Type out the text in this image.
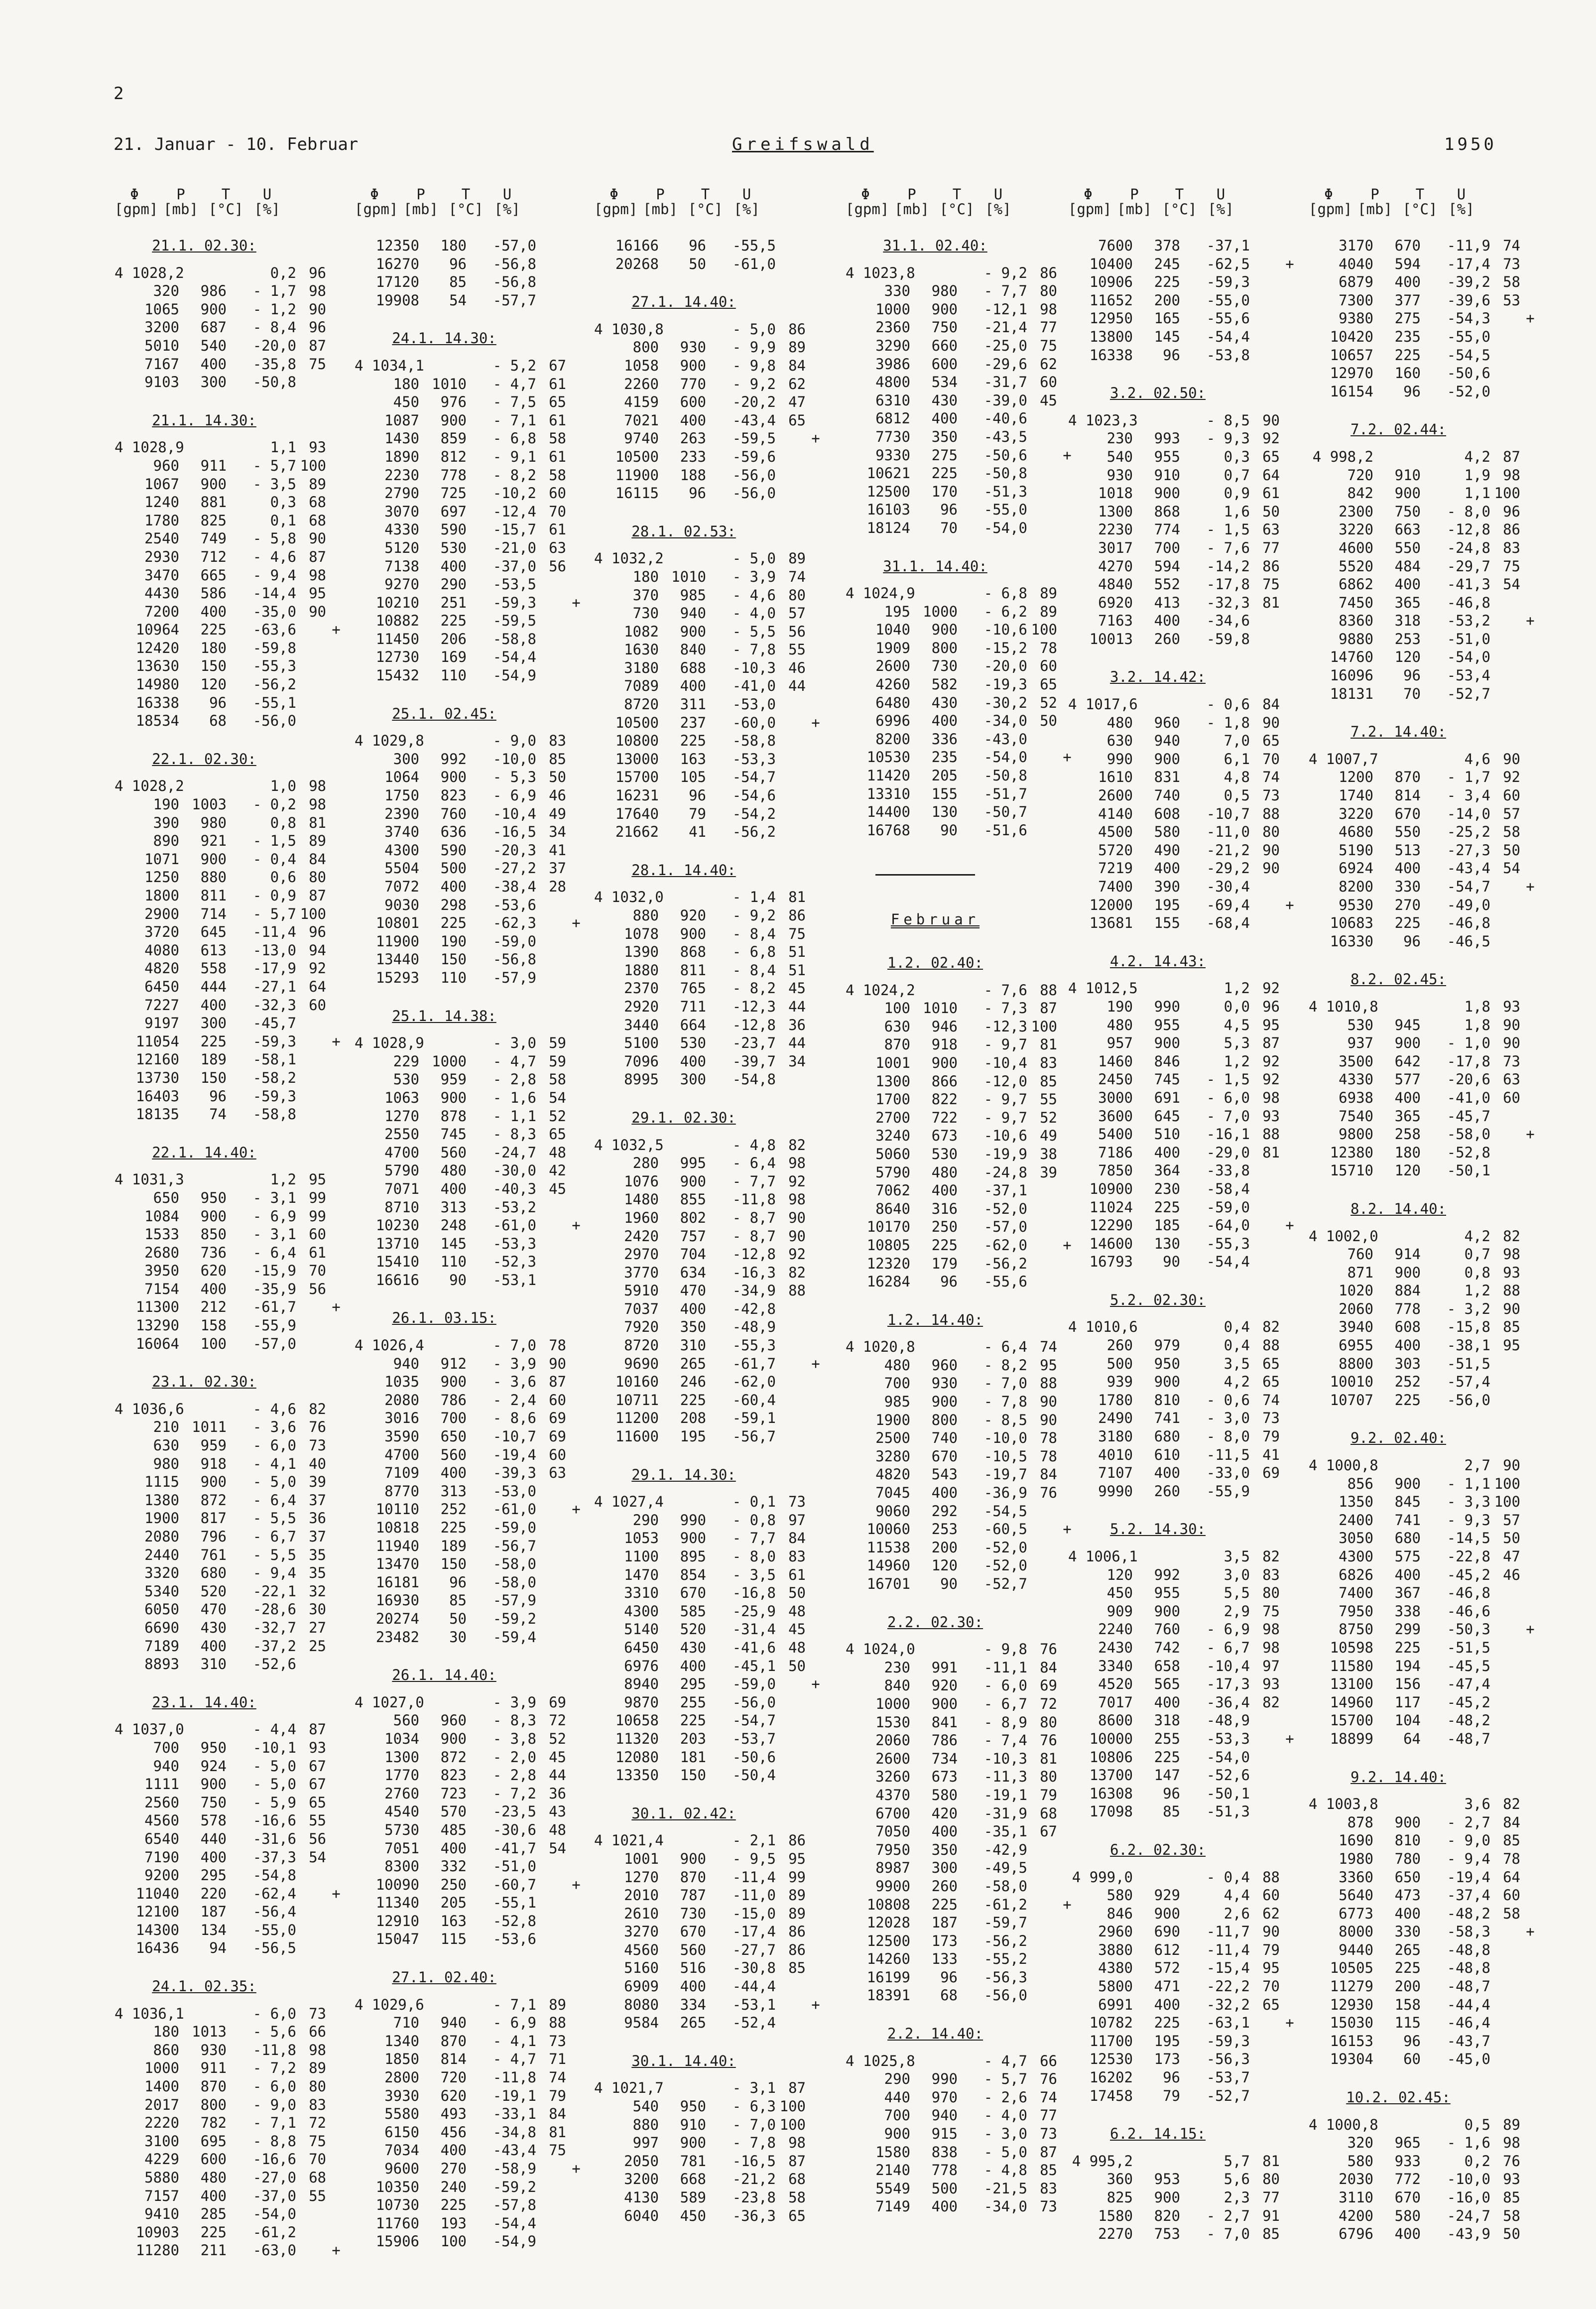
2
21. Januar - 10. Februar	Greifswald	1950
Φ
[gpm]
P
[mb]
T
[°C]
U
[%]
21.1. 02.30:
4 1028,2	0,2 96
320	986	- 1,7 98
1065	900	- 1,2 90
3200	687	- 8,4 96
5010	540	-20,0 87
7167	400	-35,8 75
9103	300	-50,8
21.1. 14.30:
4 1028,9	1,1 93
960	911	- 5,7 100
1067	900	- 3,5 89
1240	881	0,3 68
1780	825	0,1 68
2540	749	- 5,8 90
2930	712	- 4,6 87
3470	665	- 9,4 98
4430	586	-14,4 95
7200	400	-35,0 90
10964	225	-63,6	+
12420	180	-59,8
13630	150	-55,3
14980	120	-56,2
16338	96	-55,1
18534	68	-56,0
22.1. 02.30:
4 1028,2	1,0 98
190 1003	- 0,2 98
390	980	0,8 81
890	921	- 1,5 89
1071	900	- 0,4 84
1250	880	0,6 80
1800	811	- 0,9 87
2900	714	- 5,7 100
3720	645	-11,4 96
4080	613	-13,0 94
4820	558	-17,9 92
6450	444	-27,1 64
7227	400	-32,3 60
9197	300	-45,7
11054	225	-59,3	+
12160	189	-58,1
13730	150	-58,2
16403	96	-59,3
18135	74	-58,8
22.1. 14.40:
4 1031,3	1,2 95
650	950	- 3,1 99
1084	900	- 6,9 99
1533	850	- 3,1 60
2680	736	- 6,4 61
3950	620	-15,9 70
7154	400	-35,9 56
11300	212	-61,7	+
13290	158	-55,9
16064	100	-57,0
23.1. 02.30:
4 1036,6	- 4,6 82
210 1011	- 3,6 76
630	959	- 6,0 73
980	918	- 4,1 40
1115	900	- 5,0 39
1380	872	- 6,4 37
1900	817	- 5,5 36
2080	796	- 6,7 37
2440	761	- 5,5 35
3320	680	- 9,4 35
5340	520	-22,1 32
6050	470	-28,6 30
6690	430	-32,7 27
7189	400	-37,2 25
8893	310	-52,6
23.1. 14.40:
4 1037,0	- 4,4 87
700	950	-10,1 93
940	924	- 5,0 67
1111	900	- 5,0 67
2560	750	- 5,9 65
4560	578	-16,6 55
6540	440	-31,6 56
7190	400	-37,3 54
9200	295	-54,8
11040	220	-62,4	+
12100	187	-56,4
14300	134	-55,0
16436	94	-56,5
24.1. 02.35:
4 1036,1	- 6,0 73
180 1013	- 5,6 66
860	930	-11,8 98
1000	911	- 7,2 89
1400	870	- 6,0 80
2017	800	- 9,0 83
2220	782	- 7,1 72
3100	695	- 8,8 75
4229	600	-16,6 70
5880	480	-27,0 68
7157	400	-37,0 55
9410	285	-54,0
10903	225	-61,2
11280	211	-63,0	+
Φ
[gpm]
P
[mb]
T
[°C]
U
[%]
12350	180	-57,0
16270	96	-56,8
17120	85	-56,8
19908	54	-57,7
24.1. 14.30:
4 1034,1	- 5,2 67
180 1010	- 4,7 61
450	976	- 7,5 65
1087	900	- 7,1 61
1430	859	- 6,8 58
1890	812	- 9,1 61
2230	778	- 8,2 58
2790	725	-10,2 60
3070	697	-12,4 70
4330	590	-15,7 61
5120	530	-21,0 63
7138	400	-37,0 56
9270	290	-53,5
10210	251	-59,3	+
10882	225	-59,5
11450	206	-58,8
12730	169	-54,4
15432	110	-54,9
25.1. 02.45:
4 1029,8	- 9,0 83
300	992	-10,0 85
1064	900	- 5,3 50
1750	823	- 6,9 46
2390	760	-10,4 49
3740	636	-16,5 34
4300	590	-20,3 41
5504	500	-27,2 37
7072	400	-38,4 28
9030	298	-53,6
10801	225	-62,3	+
11900	190	-59,0
13440	150	-56,8
15293	110	-57,9
25.1. 14.38:
4 1028,9	- 3,0 59
229 1000	- 4,7 59
530	959	- 2,8 58
1063	900	- 1,6 54
1270	878	- 1,1 52
2550	745	- 8,3 65
4700	560	-24,7 48
5790	480	-30,0 42
7071	400	-40,3 45
8710	313	-53,2
10230	248	-61,0	+
13710	145	-53,3
15410	110	-52,3
16616	90	-53,1
26.1. 03.15:
4 1026,4	- 7,0 78
940	912	- 3,9 90
1035	900	- 3,6 87
2080	786	- 2,4 60
3016	700	- 8,6 69
3590	650	-10,7 69
4700	560	-19,4 60
7109	400	-39,3 63
8770	313	-53,0
10110	252	-61,0	+
10818	225	-59,0
11940	189	-56,7
13470	150	-58,0
16181	96	-58,0
16930	85	-57,9
20274	50	-59,2
23482	30	-59,4
26.1. 14.40:
4 1027,0	- 3,9 69
560	960	- 8,3 72
1034	900	- 3,8 52
1300	872	- 2,0 45
1770	823	- 2,8 44
2760	723	- 7,2 36
4540	570	-23,5 43
5730	485	-30,6 48
7051	400	-41,7 54
8300	332	-51,0
10090	250	-60,7	+
11340	205	-55,1
12910	163	-52,8
15047	115	-53,6
27.1. 02.40:
4 1029,6	- 7,1 89
710	940	- 6,9 88
1340	870	- 4,1 73
1850	814	- 4,7 71
2800	720	-11,8 74
3930	620	-19,1 79
5580	493	-33,1 84
6150	456	-34,8 81
7034	400	-43,4 75
9600	270	-58,9	+
10350	240	-59,2
10730	225	-57,8
11760	193	-54,4
15906	100	-54,9
Φ
[gpm]
P
[mb]
T
[°C]
U
[%]
16166	96	-55,5
20268	50	-61,0
27.1. 14.40:
4 1030,8	- 5,0 86
800	930	- 9,9 89
1058	900	- 9,8 84
2260	770	- 9,2 62
4159	600	-20,2 47
7021	400	-43,4 65
9740	263	-59,5	+
10500	233	-59,6
11900	188	-56,0
16115	96	-56,0
28.1. 02.53:
4 1032,2	- 5,0 89
180 1010	- 3,9 74
370	985	- 4,6 80
730	940	- 4,0 57
1082	900	- 5,5 56
1630	840	- 7,8 55
3180	688	-10,3 46
7089	400	-41,0 44
8720	311	-53,0
10500	237	-60,0	+
10800	225	-58,8
13000	163	-53,3
15700	105	-54,7
16231	96	-54,6
17640	79	-54,2
21662	41	-56,2
28.1. 14.40:
4 1032,0	- 1,4 81
880	920	- 9,2 86
1078	900	- 8,4 75
1390	868	- 6,8 51
1880	811	- 8,4 51
2370	765	- 8,2 45
2920	711	-12,3 44
3440	664	-12,8 36
5100	530	-23,7 44
7096	400	-39,7 34
8995	300	-54,8
29.1. 02.30:
4 1032,5	- 4,8 82
280	995	- 6,4 98
1076	900	- 7,7 92
1480	855	-11,8 98
1960	802	- 8,7 90
2420	757	- 8,7 90
2970	704	-12,8 92
3770	634	-16,3 82
5910	470	-34,9 88
7037	400	-42,8
7920	350	-48,9
8720	310	-55,3
9690	265	-61,7	+
10160	246	-62,0
10711	225	-60,4
11200	208	-59,1
11600	195	-56,7
29.1. 14.30:
4 1027,4	- 0,1 73
290	990	- 0,8 97
1053	900	- 7,7 84
1100	895	- 8,0 83
1470	854	- 3,5 61
3310	670	-16,8 50
4300	585	-25,9 48
5140	520	-31,4 45
6450	430	-41,6 48
6976	400	-45,1 50
8940	295	-59,0	+
9870	255	-56,0
10658	225	-54,7
11320	203	-53,7
12080	181	-50,6
13350	150	-50,4
30.1. 02.42:
4 1021,4	- 2,1 86
1001	900	- 9,5 95
1270	870	-11,4 99
2010	787	-11,0 89
2610	730	-15,0 89
3270	670	-17,4 86
4560	560	-27,7 86
5160	516	-30,8 85
6909	400	-44,4
8080	334	-53,1	+
9584	265	-52,4
30.1. 14.40:
4 1021,7	- 3,1 87
540	950	- 6,3 100
880	910	- 7,0 100
997	900	- 7,8 98
2050	781	-16,5 87
3200	668	-21,2 68
4130	589	-23,8 58
6040	450	-36,3 65
Φ
[gpm]
P
[mb]
T
[°C]
U
[%]
31.1. 02.40:
4 1023,8	- 9,2 86
330	980	- 7,7 80
1000	900	-12,1 98
2360	750	-21,4 77
3290	660	-25,0 75
3986	600	-29,6 62
4800	534	-31,7 60
6310	430	-39,0 45
6812	400	-40,6
7730	350	-43,5
9330	275	-50,6	+
10621	225	-50,8
12500	170	-51,3
16103	96	-55,0
18124	70	-54,0
31.1. 14.40:
4 1024,9	- 6,8 89
195 1000	- 6,2 89
1040	900	-10,6 100
1909	800	-15,2 78
2600	730	-20,0 60
4260	582	-19,3 65
6480	430	-30,2 52
6996	400	-34,0 50
8200	336	-43,0
10530	235	-54,0	+
11420	205	-50,8
13310	155	-51,7
14400	130	-50,7
16768	90	-51,6
Februar
1.2. 02.40:
4 1024,2	- 7,6 88
100 1010	- 7,3 87
630	946	-12,3 100
870	918	- 9,7 81
1001	900	-10,4 83
1300	866	-12,0 85
1700	822	- 9,7 55
2700	722	- 9,7 52
3240	673	-10,6 49
5060	530	-19,9 38
5790	480	-24,8 39
7062	400	-37,1
8640	316	-52,0
10170	250	-57,0
10805	225	-62,0	+
12320	179	-56,2
16284	96	-55,6
1.2. 14.40:
4 1020,8	- 6,4 74
480	960	- 8,2 95
700	930	- 7,0 88
985	900	- 7,8 90
1900	800	- 8,5 90
2500	740	-10,0 78
3280	670	-10,5 78
4820	543	-19,7 84
7045	400	-36,9 76
9060	292	-54,5
10060	253	-60,5	+
11538	200	-52,0
14960	120	-52,0
16701	90	-52,7
2.2. 02.30:
4 1024,0	- 9,8 76
230	991	-11,1 84
840	920	- 6,0 69
1000	900	- 6,7 72
1530	841	- 8,9 80
2060	786	- 7,4 76
2600	734	-10,3 81
3260	673	-11,3 80
4370	580	-19,1 79
6700	420	-31,9 68
7050	400	-35,1 67
7950	350	-42,9
8987	300	-49,5
9900	260	-58,0
10808	225	-61,2	+
12028	187	-59,7
12500	173	-56,2
14260	133	-55,2
16199	96	-56,3
18391	68	-56,0
2.2. 14.40:
4 1025,8	- 4,7 66
290	990	- 5,7 76
440	970	- 2,6 74
700	940	- 4,0 77
900	915	- 3,0 73
1580	838	- 5,0 87
2140	778	- 4,8 85
5549	500	-21,5 83
7149	400	-34,0 73
Φ
[gpm]
P
[mb]
T
[°C]
U
[%]
7600	378	-37,1
10400	245	-62,5	+
10906	225	-59,3
11652	200	-55,0
12950	165	-55,6
13800	145	-54,4
16338	96	-53,8
3.2. 02.50:
4 1023,3	- 8,5 90
230	993	- 9,3 92
540	955	0,3 65
930	910	0,7 64
1018	900	0,9 61
1300	868	1,6 50
2230	774	- 1,5 63
3017	700	- 7,6 77
4270	594	-14,2 86
4840	552	-17,8 75
6920	413	-32,3 81
7163	400	-34,6
10013	260	-59,8
3.2. 14.42:
4 1017,6	- 0,6 84
480	960	- 1,8 90
630	940	7,0 65
990	900	6,1 70
1610	831	4,8 74
2600	740	0,5 73
4140	608	-10,7 88
4500	580	-11,0 80
5720	490	-21,2 90
7219	400	-29,2 90
7400	390	-30,4
12000	195	-69,4	+
13681	155	-68,4
4.2. 14.43:
4 1012,5	1,2 92
190	990	0,0 96
480	955	4,5 95
957	900	5,3 87
1460	846	1,2 92
2450	745	- 1,5 92
3000	691	- 6,0 98
3600	645	- 7,0 93
5400	510	-16,1 88
7186	400	-29,0 81
7850	364	-33,8
10900	230	-58,4
11024	225	-59,0
12290	185	-64,0	+
14600	130	-55,3
16793	90	-54,4
5.2. 02.30:
4 1010,6	0,4 82
260	979	0,4 88
500	950	3,5 65
939	900	4,2 65
1780	810	- 0,6 74
2490	741	- 3,0 73
3180	680	- 8,0 79
4010	610	-11,5 41
7107	400	-33,0 69
9990	260	-55,9
5.2. 14.30:
4 1006,1	3,5 82
120	992	3,0 83
450	955	5,5 80
909	900	2,9 75
2240	760	- 6,9 98
2430	742	- 6,7 98
3340	658	-10,4 97
4520	565	-17,3 93
7017	400	-36,4 82
8600	318	-48,9
10000	255	-53,3	+
10806	225	-54,0
13700	147	-52,6
16308	96	-50,1
17098	85	-51,3
6.2. 02.30:
4 999,0	- 0,4 88
580	929	4,4 60
846	900	2,6 62
2960	690	-11,7 90
3880	612	-11,4 79
4380	572	-15,4 95
5800	471	-22,2 70
6991	400	-32,2 65
10782	225	-63,1	+
11700	195	-59,3
12530	173	-56,3
16202	96	-53,7
17458	79	-52,7
6.2. 14.15:
4 995,2	5,7 81
360	953	5,6 80
825	900	2,3 77
1580	820	- 2,7 91
2270	753	- 7,0 85
Φ
[gpm]
P
[mb]
T
[°C]
U
[%]
3170	670	-11,9 74
4040	594	-17,4 73
6879	400	-39,2 58
7300	377	-39,6 53
9380	275	-54,3	+
10420	235	-55,0
10657	225	-54,5
12970	160	-50,6
16154	96	-52,0
7.2. 02.44:
4 998,2	4,2 87
720	910	1,9 98
842	900	1,1 100
2300	750	- 8,0 96
3220	663	-12,8 86
4600	550	-24,8 83
5520	484	-29,7 75
6862	400	-41,3 54
7450	365	-46,8
8360	318	-53,2	+
9880	253	-51,0
14760	120	-54,0
16096	96	-53,4
18131	70	-52,7
7.2. 14.40:
4 1007,7	4,6 90
1200	870	- 1,7 92
1740	814	- 3,4 60
3220	670	-14,0 57
4680	550	-25,2 58
5190	513	-27,3 50
6924	400	-43,4 54
8200	330	-54,7	+
9530	270	-49,0
10683	225	-46,8
16330	96	-46,5
8.2. 02.45:
4 1010,8	1,8 93
530	945	1,8 90
937	900	- 1,0 90
3500	642	-17,8 73
4330	577	-20,6 63
6938	400	-41,0 60
7540	365	-45,7
9800	258	-58,0	+
12380	180	-52,8
15710	120	-50,1
8.2. 14.40:
4 1002,0	4,2 82
760	914	0,7 98
871	900	0,8 93
1020	884	1,2 88
2060	778	- 3,2 90
3940	608	-15,8 85
6955	400	-38,1 95
8800	303	-51,5
10010	252	-57,4
10707	225	-56,0
9.2. 02.40:
4 1000,8	2,7 90
856	900	- 1,1 100
1350	845	- 3,3 100
2400	741	- 9,3 57
3050	680	-14,5 50
4300	575	-22,8 47
6826	400	-45,2 46
7400	367	-46,8
7950	338	-46,6
8750	299	-50,3	+
10598	225	-51,5
11580	194	-45,5
13100	156	-47,4
14960	117	-45,2
15700	104	-48,2
18899	64	-48,7
9.2. 14.40:
4 1003,8	3,6 82
878	900	- 2,7 84
1690	810	- 9,0 85
1980	780	- 9,4 78
3360	650	-19,4 64
5640	473	-37,4 60
6773	400	-48,2 58
8000	330	-58,3	+
9440	265	-48,8
10505	225	-48,8
11279	200	-48,7
12930	158	-44,4
15030	115	-46,4
16153	96	-43,7
19304	60	-45,0
10.2. 02.45:
4 1000,8	0,5 89
320	965	- 1,6 98
580	933	0,2 76
2030	772	-10,0 93
3110	670	-16,0 85
4200	580	-24,7 58
6796	400	-43,9 50
